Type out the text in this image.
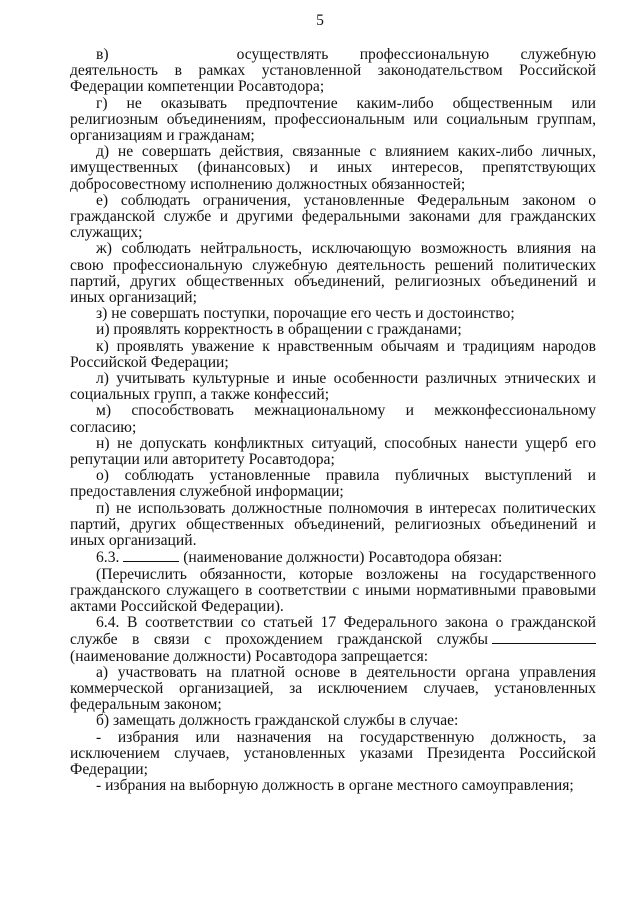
5

в)	осуществлять профессиональную служебную деятельность в рамках установленной законодательством Российской Федерации компетенции Росавтодора;

г) не оказывать предпочтение каким-либо общественным или религиозным объединениям, профессиональным или социальным группам, организациям и гражданам;

д) не совершать действия, связанные с влиянием каких-либо личных, имущественных (финансовых) и иных интересов, препятствующих добросовестному исполнению должностных обязанностей;

е) соблюдать ограничения, установленные Федеральным законом о гражданской службе и другими федеральными законами для гражданских служащих;

ж) соблюдать нейтральность, исключающую возможность влияния на свою профессиональную служебную деятельность решений политических партий, других общественных объединений, религиозных объединений и иных организаций;

з) не совершать поступки, порочащие его честь и достоинство;

и) проявлять корректность в обращении с гражданами;

к) проявлять уважение к нравственным обычаям и традициям народов Российской Федерации;

л) учитывать культурные и иные особенности различных этнических и социальных групп, а также конфессий;

м) способствовать межнациональному и межконфессиональному согласию;

н) не допускать конфликтных ситуаций, способных нанести ущерб его репутации или авторитету Росавтодора;

о) соблюдать установленные правила публичных выступлений и предоставления служебной информации;

п) не использовать должностные полномочия в интересах политических партий, других общественных объединений, религиозных объединений и иных организаций.

6.3.	(наименование должности) Росавтодора обязан:

(Перечислить обязанности, которые возложены на государственного гражданского служащего в соответствии с иными нормативными правовыми актами Российской Федерации).

6.4. В соответствии со статьей 17 Федерального закона о гражданской службе в связи с прохождением гражданской службы (наименование должности) Росавтодора запрещается:

а) участвовать на платной основе в деятельности органа управления коммерческой организацией, за исключением случаев, установленных федеральным законом;

б) замещать должность гражданской службы в случае:

- избрания или назначения на государственную должность, за исключением случаев, установленных указами Президента Российской Федерации;

- избрания на выборную должность в органе местного самоуправления;
